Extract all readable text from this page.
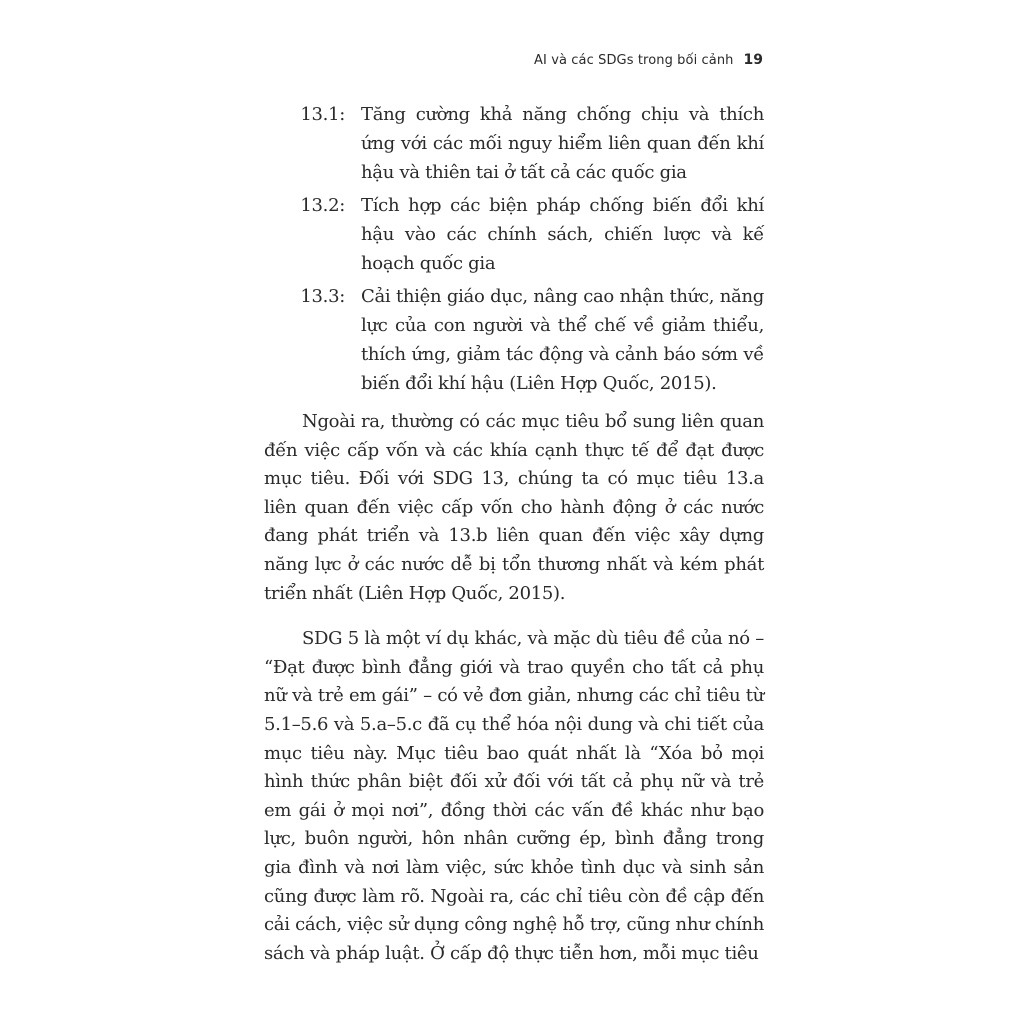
AI và các SDGs trong bối cảnh 19
13.1: Tăng cường khả năng chống chịu và thích ứng với các mối nguy hiểm liên quan đến khí hậu và thiên tai ở tất cả các quốc gia
13.2: Tích hợp các biện pháp chống biến đổi khí hậu vào các chính sách, chiến lược và kế hoạch quốc gia
13.3: Cải thiện giáo dục, nâng cao nhận thức, năng lực của con người và thể chế về giảm thiểu, thích ứng, giảm tác động và cảnh báo sớm về biến đổi khí hậu (Liên Hợp Quốc, 2015).

Ngoài ra, thường có các mục tiêu bổ sung liên quan đến việc cấp vốn và các khía cạnh thực tế để đạt được mục tiêu. Đối với SDG 13, chúng ta có mục tiêu 13.a liên quan đến việc cấp vốn cho hành động ở các nước đang phát triển và 13.b liên quan đến việc xây dựng năng lực ở các nước dễ bị tổn thương nhất và kém phát triển nhất (Liên Hợp Quốc, 2015).

SDG 5 là một ví dụ khác, và mặc dù tiêu đề của nó – “Đạt được bình đẳng giới và trao quyền cho tất cả phụ nữ và trẻ em gái” – có vẻ đơn giản, nhưng các chỉ tiêu từ 5.1–5.6 và 5.a–5.c đã cụ thể hóa nội dung và chi tiết của mục tiêu này. Mục tiêu bao quát nhất là “Xóa bỏ mọi hình thức phân biệt đối xử đối với tất cả phụ nữ và trẻ em gái ở mọi nơi”, đồng thời các vấn đề khác như bạo lực, buôn người, hôn nhân cưỡng ép, bình đẳng trong gia đình và nơi làm việc, sức khỏe tình dục và sinh sản cũng được làm rõ. Ngoài ra, các chỉ tiêu còn đề cập đến cải cách, việc sử dụng công nghệ hỗ trợ, cũng như chính sách và pháp luật. Ở cấp độ thực tiễn hơn, mỗi mục tiêu
